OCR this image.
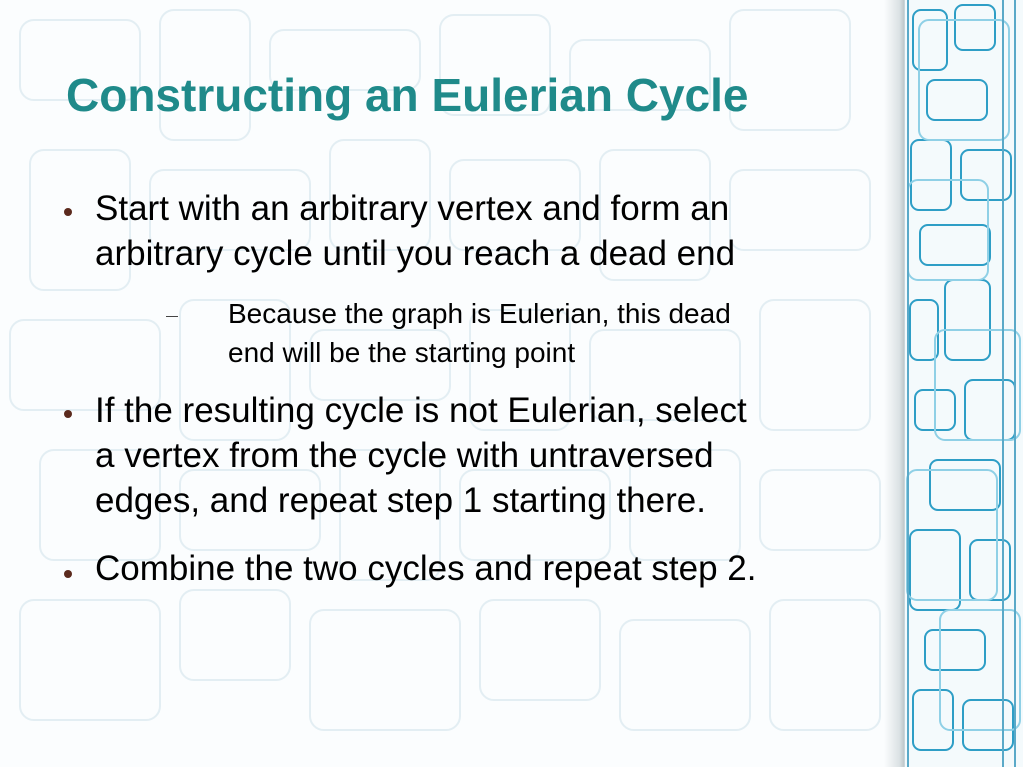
Constructing an Eulerian Cycle
Start with an arbitrary vertex and form an
arbitrary cycle until you reach a dead end
Because the graph is Eulerian, this dead
end will be the starting point
If the resulting cycle is not Eulerian, select
a vertex from the cycle with untraversed
edges, and repeat step 1 starting there.
Combine the two cycles and repeat step 2.
